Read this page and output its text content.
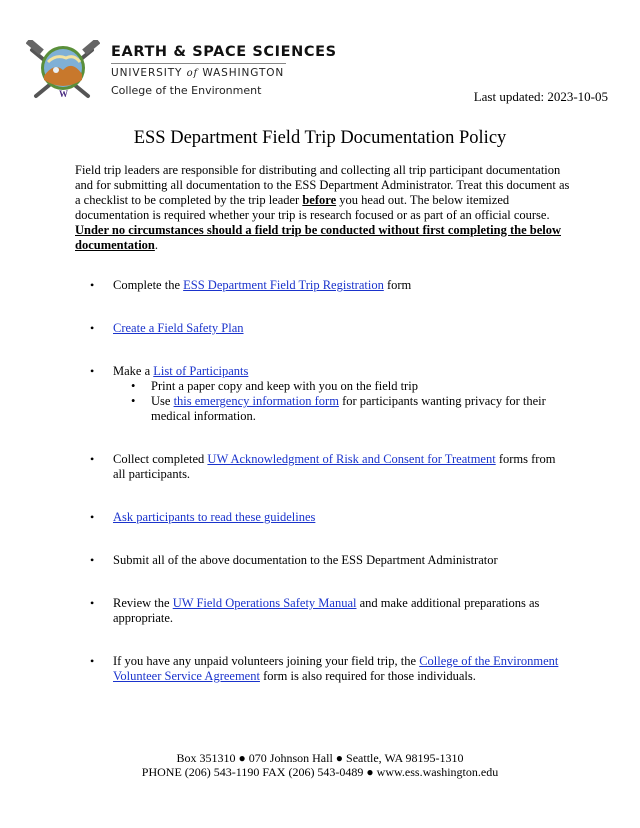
W
EARTH & SPACE SCIENCES
UNIVERSITY of WASHINGTON
College of the Environment	Last updated: 2023-10-05
ESS Department Field Trip Documentation Policy
Field trip leaders are responsible for distributing and collecting all trip participant documentation and for submitting all documentation to the ESS Department Administrator. Treat this document as a checklist to be completed by the trip leader before you head out. The below itemized documentation is required whether your trip is research focused or as part of an official course. Under no circumstances should a field trip be conducted without first completing the below documentation.
• Complete the ESS Department Field Trip Registration form
• Create a Field Safety Plan
• Make a List of Participants
• Print a paper copy and keep with you on the field trip
• Use this emergency information form for participants wanting privacy for their medical information.
• Collect completed UW Acknowledgment of Risk and Consent for Treatment forms from all participants.
• Ask participants to read these guidelines
• Submit all of the above documentation to the ESS Department Administrator
• Review the UW Field Operations Safety Manual and make additional preparations as appropriate.
• If you have any unpaid volunteers joining your field trip, the College of the Environment Volunteer Service Agreement form is also required for those individuals.
Box 351310 ● 070 Johnson Hall ● Seattle, WA 98195-1310
PHONE (206) 543-1190 FAX (206) 543-0489 ● www.ess.washington.edu
